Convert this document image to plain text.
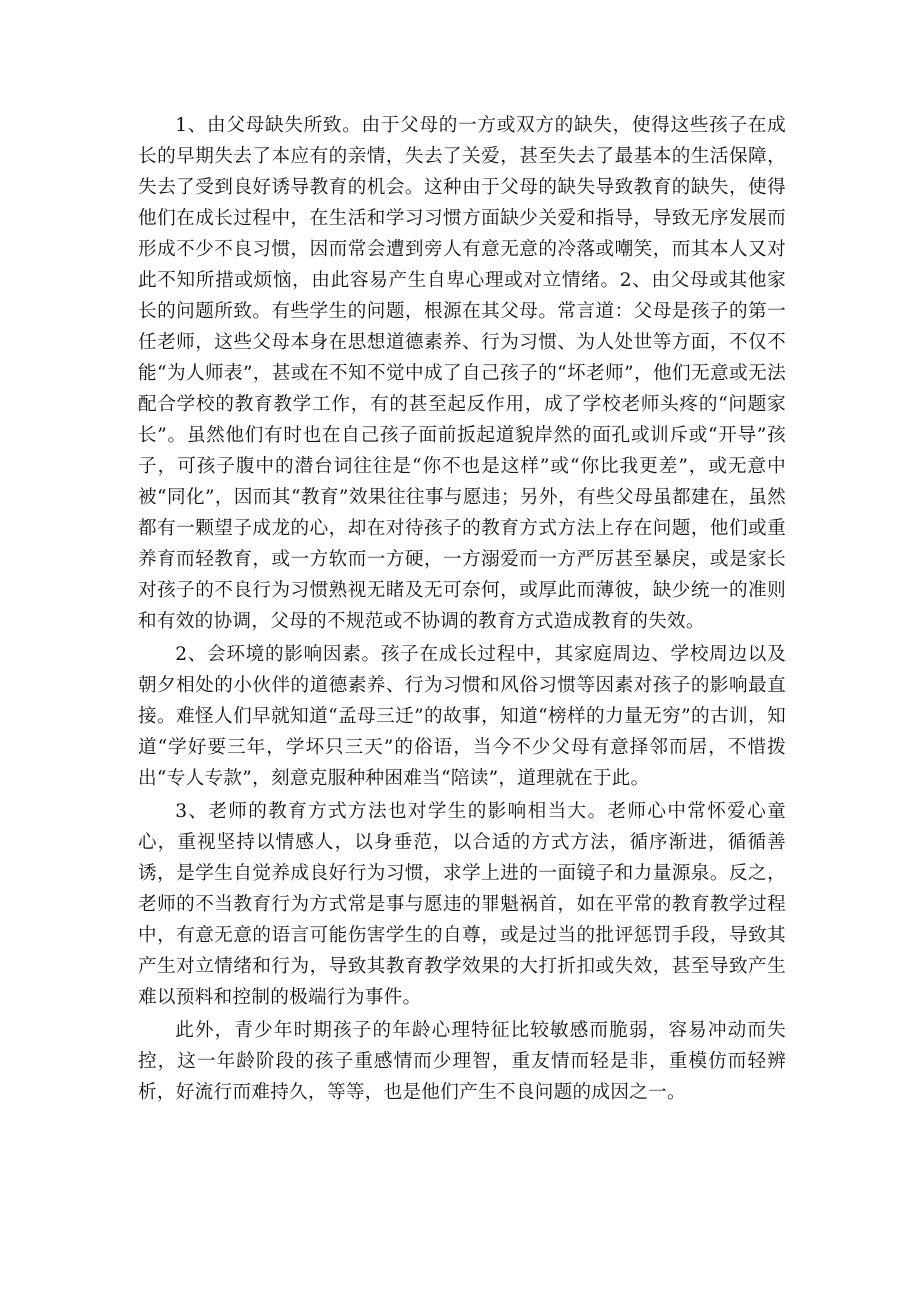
1、由父母缺失所致。由于父母的一方或双方的缺失，使得这些孩子在成长的早期失去了本应有的亲情，失去了关爱，甚至失去了最基本的生活保障，失去了受到良好诱导教育的机会。这种由于父母的缺失导致教育的缺失，使得他们在成长过程中，在生活和学习习惯方面缺少关爱和指导，导致无序发展而形成不少不良习惯，因而常会遭到旁人有意无意的冷落或嘲笑，而其本人又对此不知所措或烦恼，由此容易产生自卑心理或对立情绪。2、由父母或其他家长的问题所致。有些学生的问题，根源在其父母。常言道：父母是孩子的第一任老师，这些父母本身在思想道德素养、行为习惯、为人处世等方面，不仅不能“为人师表”，甚或在不知不觉中成了自己孩子的“坏老师”，他们无意或无法配合学校的教育教学工作，有的甚至起反作用，成了学校老师头疼的“问题家长”。虽然他们有时也在自己孩子面前扳起道貌岸然的面孔或训斥或“开导”孩子，可孩子腹中的潜台词往往是“你不也是这样”或“你比我更差”，或无意中被“同化”，因而其“教育”效果往往事与愿违；另外，有些父母虽都建在，虽然都有一颗望子成龙的心，却在对待孩子的教育方式方法上存在问题，他们或重养育而轻教育，或一方软而一方硬，一方溺爱而一方严厉甚至暴戾，或是家长对孩子的不良行为习惯熟视无睹及无可奈何，或厚此而薄彼，缺少统一的准则和有效的协调，父母的不规范或不协调的教育方式造成教育的失效。

2、会环境的影响因素。孩子在成长过程中，其家庭周边、学校周边以及朝夕相处的小伙伴的道德素养、行为习惯和风俗习惯等因素对孩子的影响最直接。难怪人们早就知道“孟母三迁”的故事，知道“榜样的力量无穷”的古训，知道“学好要三年，学坏只三天”的俗语，当今不少父母有意择邻而居，不惜拨出“专人专款”，刻意克服种种困难当“陪读”，道理就在于此。

3、老师的教育方式方法也对学生的影响相当大。老师心中常怀爱心童心，重视坚持以情感人，以身垂范，以合适的方式方法，循序渐进，循循善诱，是学生自觉养成良好行为习惯，求学上进的一面镜子和力量源泉。反之，老师的不当教育行为方式常是事与愿违的罪魁祸首，如在平常的教育教学过程中，有意无意的语言可能伤害学生的自尊，或是过当的批评惩罚手段，导致其产生对立情绪和行为，导致其教育教学效果的大打折扣或失效，甚至导致产生难以预料和控制的极端行为事件。

此外，青少年时期孩子的年龄心理特征比较敏感而脆弱，容易冲动而失控，这一年龄阶段的孩子重感情而少理智，重友情而轻是非，重模仿而轻辨析，好流行而难持久，等等，也是他们产生不良问题的成因之一。
